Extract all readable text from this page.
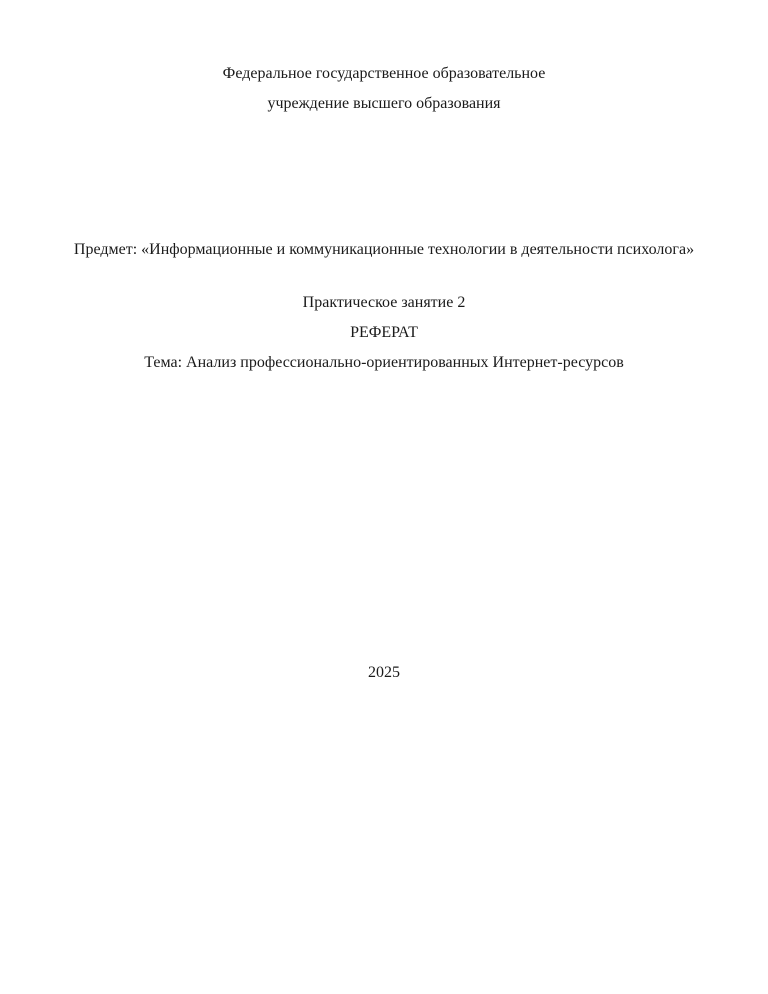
Федеральное государственное образовательное

учреждение высшего образования

Предмет: «Информационные и коммуникационные технологии в деятельности психолога»

Практическое занятие 2

РЕФЕРАТ

Тема: Анализ профессионально-ориентированных Интернет-ресурсов

2025
